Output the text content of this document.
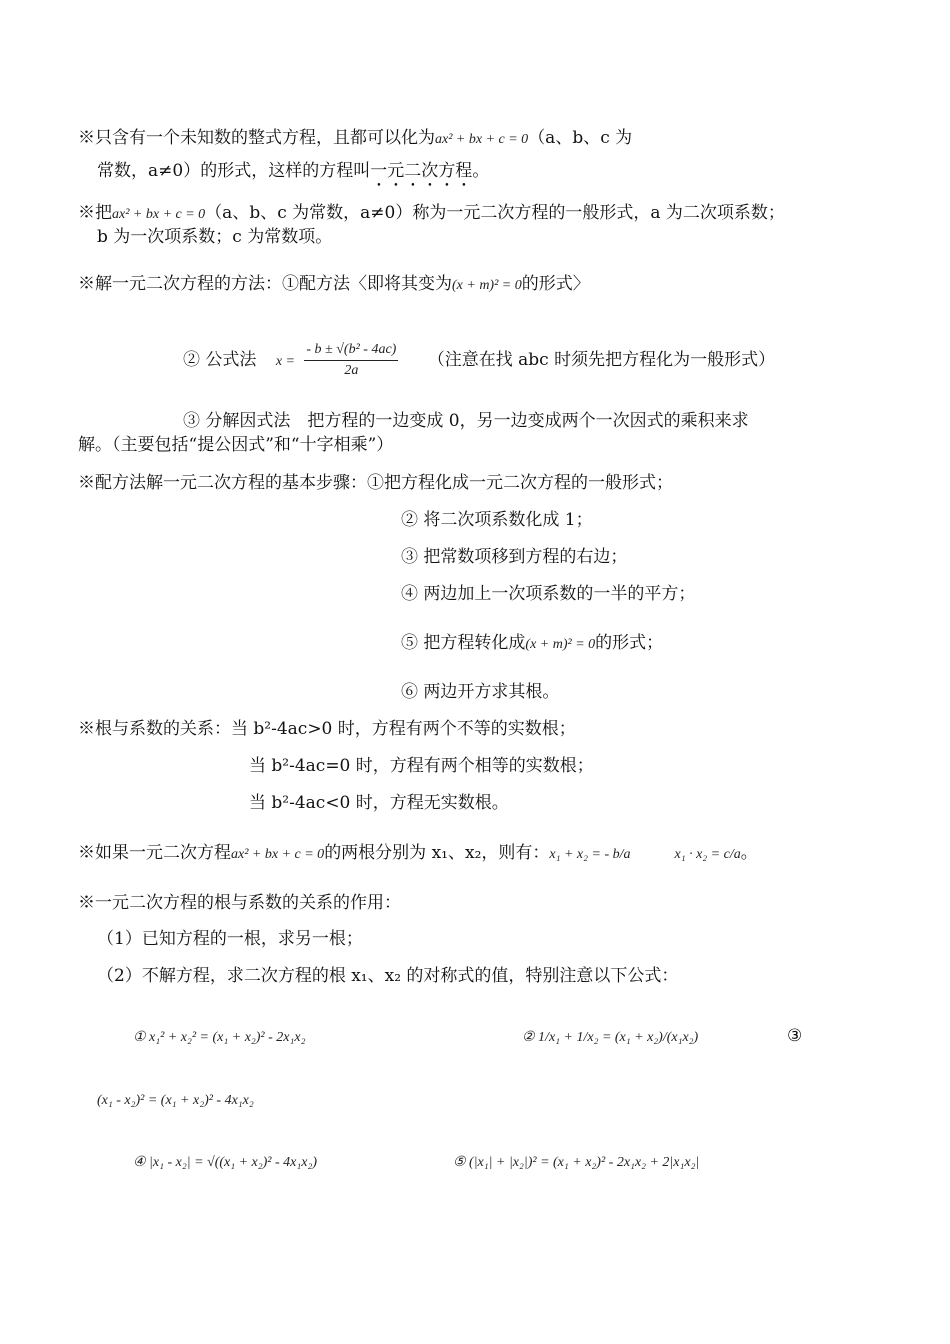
※只含有一个未知数的整式方程，且都可以化为ax² + bx + c = 0（a、b、c 为
常数，a≠0）的形式，这样的方程叫一元二次方程。
※把ax² + bx + c = 0（a、b、c 为常数，a≠0）称为一元二次方程的一般形式，a 为二次项系数；
b 为一次项系数；c 为常数项。
※解一元二次方程的方法：①配方法〈即将其变为(x + m)² = 0的形式〉
② 公式法 $x = \frac{\text{- b ± √(b² - 4ac)}}{2a}$ （注意在找 abc 时须先把方程化为一般形式）
③ 分解因式法　把方程的一边变成 0，另一边变成两个一次因式的乘积来求
解。（主要包括“提公因式”和“十字相乘”）
※配方法解一元二次方程的基本步骤：①把方程化成一元二次方程的一般形式；
② 将二次项系数化成 1；
③ 把常数项移到方程的右边；
④ 两边加上一次项系数的一半的平方；
⑤ 把方程转化成(x + m)² = 0的形式；
⑥ 两边开方求其根。
※根与系数的关系：当 b²-4ac>0 时，方程有两个不等的实数根；
当 b²-4ac=0 时，方程有两个相等的实数根；
当 b²-4ac<0 时，方程无实数根。
※如果一元二次方程ax² + bx + c = 0的两根分别为 x₁、x₂，则有：x₁ + x₂ = - b/a	x₁ · x₂ = c/a。
※一元二次方程的根与系数的关系的作用：
（1）已知方程的一根，求另一根；
（2）不解方程，求二次方程的根 x₁、x₂ 的对称式的值，特别注意以下公式：
① x₁² + x₂² = (x₁ + x₂)² - 2x₁x₂	② 1/x₁ + 1/x₂ = (x₁ + x₂)/(x₁x₂)	③
(x₁ - x₂)² = (x₁ + x₂)² - 4x₁x₂
④ |x₁ - x₂| = √((x₁ + x₂)² - 4x₁x₂)	⑤ (|x₁| + |x₂|)² = (x₁ + x₂)² - 2x₁x₂ + 2|x₁x₂|
